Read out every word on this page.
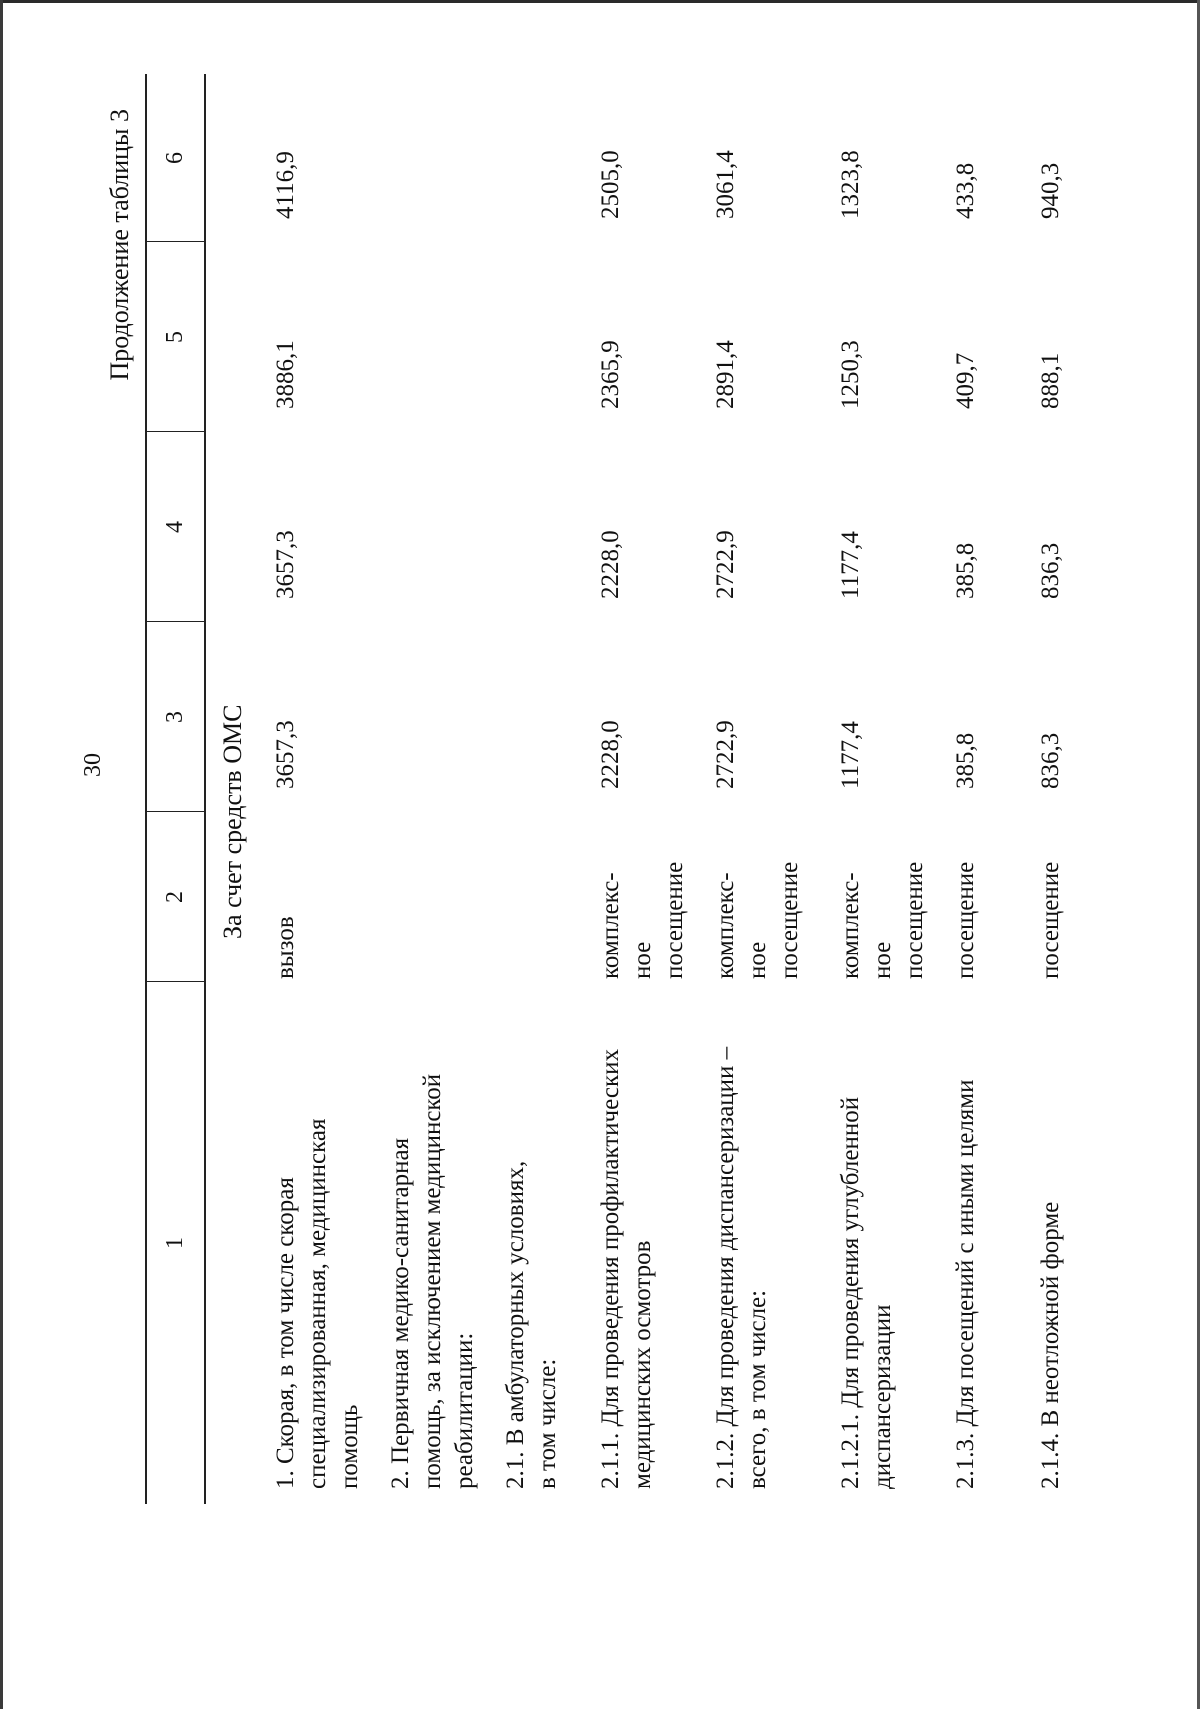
30
Продолжение таблицы 3
1
2
3
4
5
6
За счет средств ОМС
1. Скорая, в том числе скорая
специализированная, медицинская
помощь
вызов
3657,3
3657,3
3886,1
4116,9
2. Первичная медико-санитарная
помощь, за исключением медицинской
реабилитации: 2.1. В амбулаторных условиях,
в том числе:
2.1.1. Для проведения профилактических
медицинских осмотров
комплекс-
ное
посещение
2228,0
2228,0
2365,9
2505,0
2.1.2. Для проведения диспансеризации –
всего, в том числе:
комплекс-
ное
посещение
2722,9
2722,9
2891,4
3061,4
2.1.2.1. Для проведения углубленной
диспансеризации
комплекс-
ное
посещение
1177,4
1177,4
1250,3
1323,8
2.1.3. Для посещений с иными целями
посещение
385,8
385,8
409,7
433,8
2.1.4. В неотложной форме
посещение
836,3
836,3
888,1
940,3
